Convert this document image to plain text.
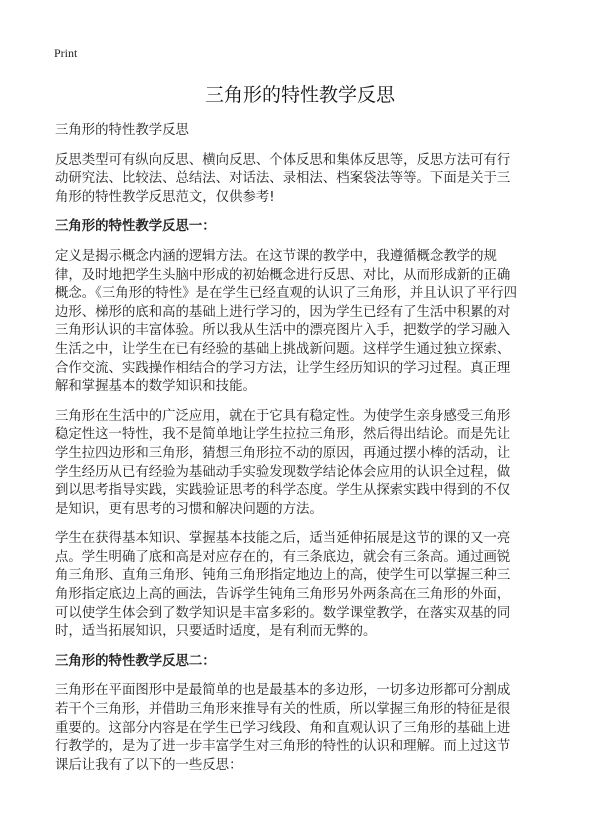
Print
三角形的特性教学反思

三角形的特性教学反思

反思类型可有纵向反思、横向反思、个体反思和集体反思等，反思方法可有行动研究法、比较法、总结法、对话法、录相法、档案袋法等等。下面是关于三角形的特性教学反思范文，仅供参考!

三角形的特性教学反思一：

定义是揭示概念内涵的逻辑方法。在这节课的教学中，我遵循概念教学的规律，及时地把学生头脑中形成的初始概念进行反思、对比，从而形成新的正确概念。《三角形的特性》是在学生已经直观的认识了三角形，并且认识了平行四边形、梯形的底和高的基础上进行学习的，因为学生已经有了生活中积累的对三角形认识的丰富体验。所以我从生活中的漂亮图片入手，把数学的学习融入生活之中，让学生在已有经验的基础上挑战新问题。这样学生通过独立探索、合作交流、实践操作相结合的学习方法，让学生经历知识的学习过程。真正理解和掌握基本的数学知识和技能。

三角形在生活中的广泛应用，就在于它具有稳定性。为使学生亲身感受三角形稳定性这一特性，我不是简单地让学生拉拉三角形，然后得出结论。而是先让学生拉四边形和三角形，猜想三角形拉不动的原因，再通过摆小棒的活动，让学生经历从已有经验为基础动手实验发现数学结论体会应用的认识全过程，做到以思考指导实践，实践验证思考的科学态度。学生从探索实践中得到的不仅是知识，更有思考的习惯和解决问题的方法。

学生在获得基本知识、掌握基本技能之后，适当延伸拓展是这节的课的又一亮点。学生明确了底和高是对应存在的，有三条底边，就会有三条高。通过画锐角三角形、直角三角形、钝角三角形指定地边上的高，使学生可以掌握三种三角形指定底边上高的画法，告诉学生钝角三角形另外两条高在三角形的外面，可以使学生体会到了数学知识是丰富多彩的。数学课堂教学，在落实双基的同时，适当拓展知识，只要适时适度，是有利而无弊的。

三角形的特性教学反思二：

三角形在平面图形中是最简单的也是最基本的多边形，一切多边形都可分割成若干个三角形，并借助三角形来推导有关的性质，所以掌握三角形的特征是很重要的。这部分内容是在学生已学习线段、角和直观认识了三角形的基础上进行教学的，是为了进一步丰富学生对三角形的特性的认识和理解。而上过这节课后让我有了以下的一些反思：
